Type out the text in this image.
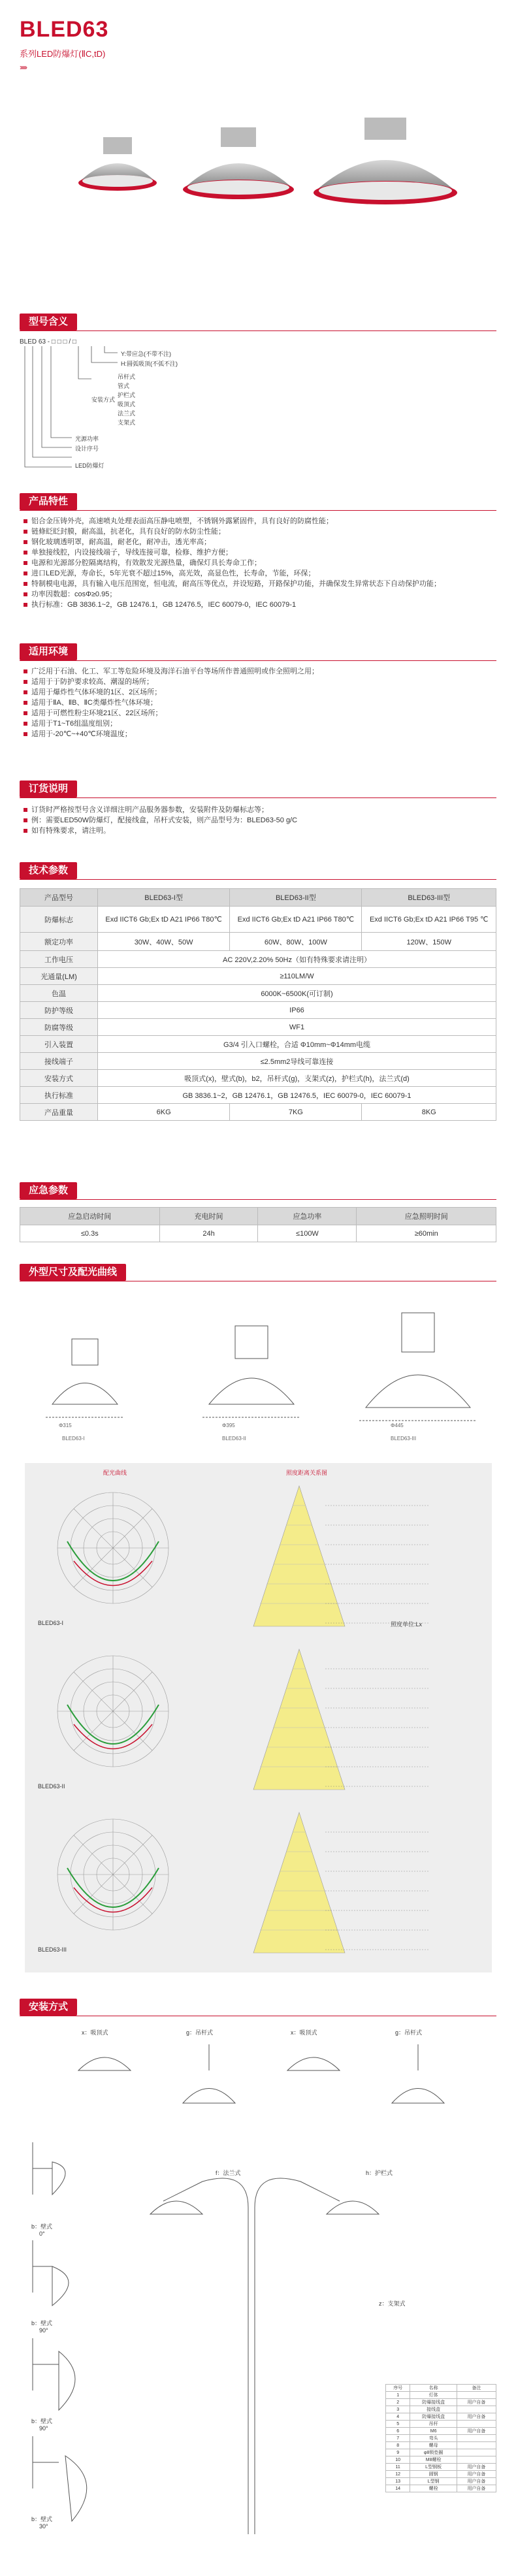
BLED63
系列LED防爆灯(ⅡC,tD)
›››››
型号含义
BLED 63 - □ □ □ / □
Y:带应急(不带不注)
H:圆弧吸顶(不弧不注)
吊杆式
管式
护栏式
吸顶式
法兰式
支架式
安装方式
光源功率
设计序号
LED防爆灯
产品特性
铝合金压铸外壳，高速喷丸处理表面高压静电喷塑，不锈钢外露紧固件，具有良好的防腐性能；
链條眨眨封膜，耐高温，抗老化，具有良好的防水防尘性能；
钢化玻璃透明罩，耐高温，耐老化，耐冲击，透光率高；
单独接线腔，内设接线端子，导线连接可靠，检修、维护方便；
电源和光源部分腔隔离结构，有效散发光源热量，确保灯具长寿命工作；
进口LED光源，寿命长，5年光衰不超过15%，高光效，高显色性，长寿命，节能，环保；
特制模电电源，具有输入电压范围宽，恒电流，耐高压等优点，并设短路，开路保护功能，并确保发生异常状态下自动保护功能；
功率因数超：cosΦ≥0.95；
执行标准：GB 3836.1~2，GB 12476.1，GB 12476.5，IEC 60079-0，IEC 60079-1
适用环境
广泛用于石油、化工、军工等危险环境及海洋石油平台等场所作普通照明或作全照明之用；
适用于于防护要求较高、潮湿的场所；
适用于爆炸性气体环境的1区、2区场所；
适用于ⅡA、ⅡB、ⅡC类爆炸性气体环境；
适用于可燃性粉尘环境21区、22区场所；
适用于T1~T6组温度组别；
适用于-20℃~+40℃环境温度；
订货说明
订货时严格按型号含义详细注明产品服务器参数，安装附件及防爆标志等；
例：需要LED50W防爆灯，配接线盒，吊杆式安装，则产品型号为：BLED63-50 g/C
如有特殊要求，请注明。
技术参数
产品型号	BLED63-I型	BLED63-II型	BLED63-III型
防爆标志	Exd IICT6 Gb;Ex tD A21 IP66 T80℃	Exd IICT6 Gb;Ex tD A21 IP66 T80℃	Exd IICT6 Gb;Ex tD A21 IP66 T95 ℃
额定功率	30W、40W、50W	60W、80W、100W	120W、150W
工作电压	AC 220V,2.20% 50Hz（如有特殊要求请注明）		
光通量(LM)	≥110LM/W		
色温	6000K~6500K(可订制)		
防护等级	IP66		
防腐等级	WF1		
引入装置	G3/4 引入口螺栓，合适 Φ10mm~Φ14mm电缆		
接线端子	≤2.5mm2导线可靠连接		
安装方式	吸顶式(x)，壁式(b)，b2，吊杆式(g)，支架式(z)，护栏式(h)，法兰式(d)		
执行标准	GB 3836.1~2，GB 12476.1，GB 12476.5，IEC 60079-0，IEC 60079-1		
产品重量	6KG	7KG	8KG
应急参数
应急启动时间	充电时间	应急功率	应急照明时间
≤0.3s	24h	≤100W	≥60min
外型尺寸及配光曲线
BLED63-I	BLED63-II	BLED63-III
Φ315	Φ395	Φ445
配光曲线	照度距离关系图
BLED63-I
BLED63-II
BLED63-III
照度单位:Lx
安装方式
x：吸顶式	g：吊杆式	x：吸顶式	g：吊杆式
b：壁式
b：壁式
b：壁式
b：壁式
0°
90°
90°
30°
f：法兰式	h：护栏式
z：支架式
序号	名称	备注
1	灯体	
2	防爆接线盒	用户自备
3	接线盒	
4	防爆接线盒	用户自备
5	吊杆	
6	M6	用户自备
7	弯头	
8	螺母	
9	φ8锁垫圈	
10	M8螺栓	
11	L型钢板	用户自备
12	圆钢	用户自备
13	L型钢	用户自备
14	螺栓	用户自备
